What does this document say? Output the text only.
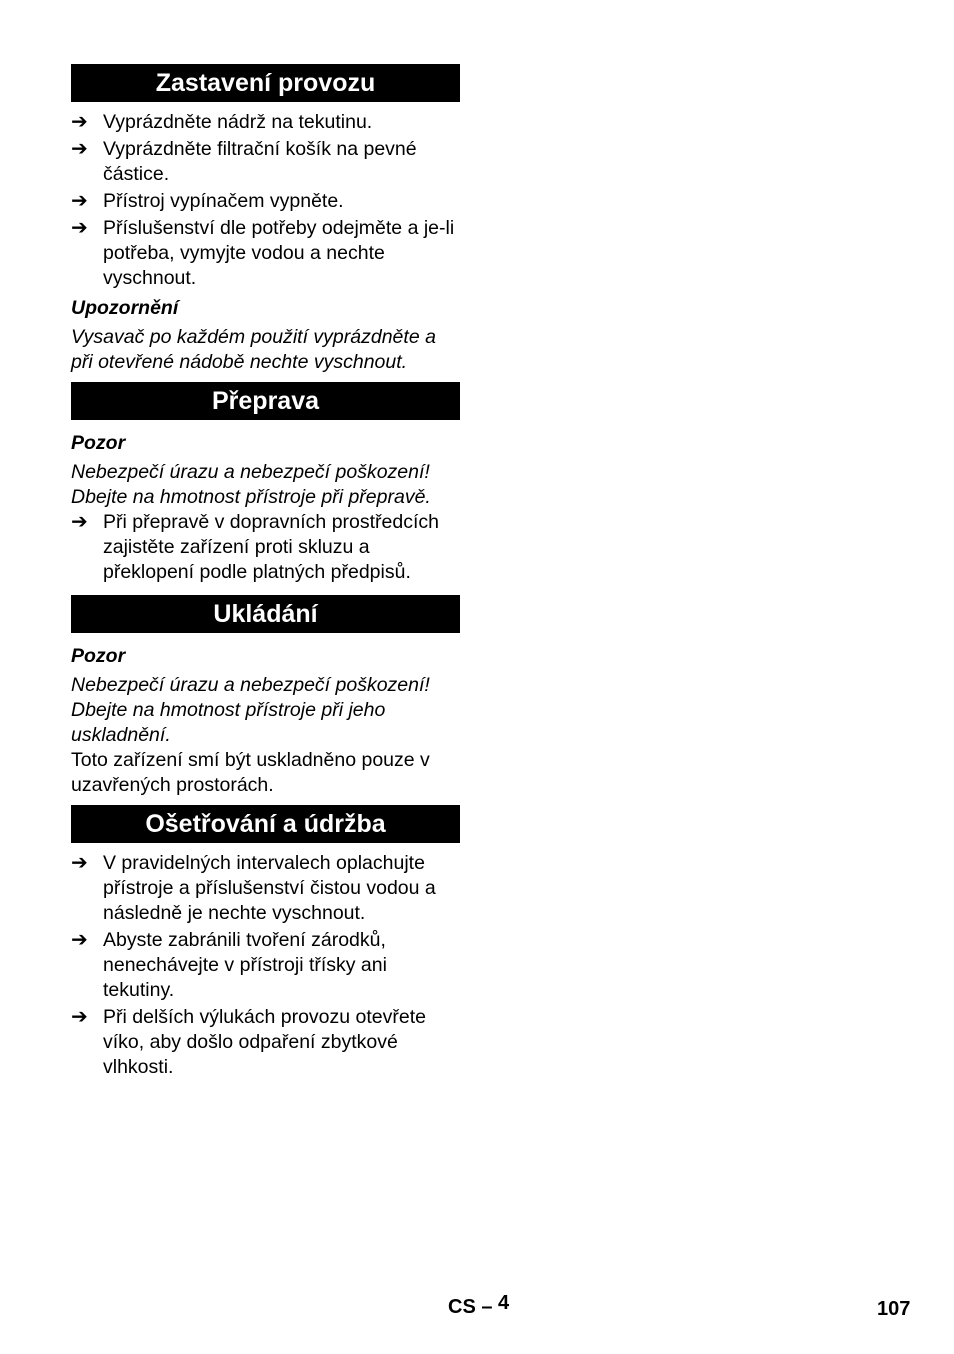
Zastavení provozu
➔ Vyprázdněte nádrž na tekutinu.
➔ Vyprázdněte filtrační košík na pevné částice.
➔ Přístroj vypínačem vypněte.
➔ Příslušenství dle potřeby odejměte a je-li potřeba, vymyjte vodou a nechte vyschnout.

Upozornění

Vysavač po každém použití vyprázdněte a při otevřené nádobě nechte vyschnout.

Přeprava

Pozor

Nebezpečí úrazu a nebezpečí poškození! Dbejte na hmotnost přístroje při přepravě.

➔ Při přepravě v dopravních prostředcích zajistěte zařízení proti skluzu a překlopení podle platných předpisů.
Ukládání

Pozor

Nebezpečí úrazu a nebezpečí poškození! Dbejte na hmotnost přístroje při jeho uskladnění.

Toto zařízení smí být uskladněno pouze v uzavřených prostorách.

Ošetřování a údržba
➔ V pravidelných intervalech oplachujte přístroje a příslušenství čistou vodou a následně je nechte vyschnout.
➔ Abyste zabránili tvoření zárodků, nenechávejte v přístroji třísky ani tekutiny.
➔ Při delších výlukách provozu otevřete víko, aby došlo odpaření zbytkové vlhkosti.
CS – 4	107
